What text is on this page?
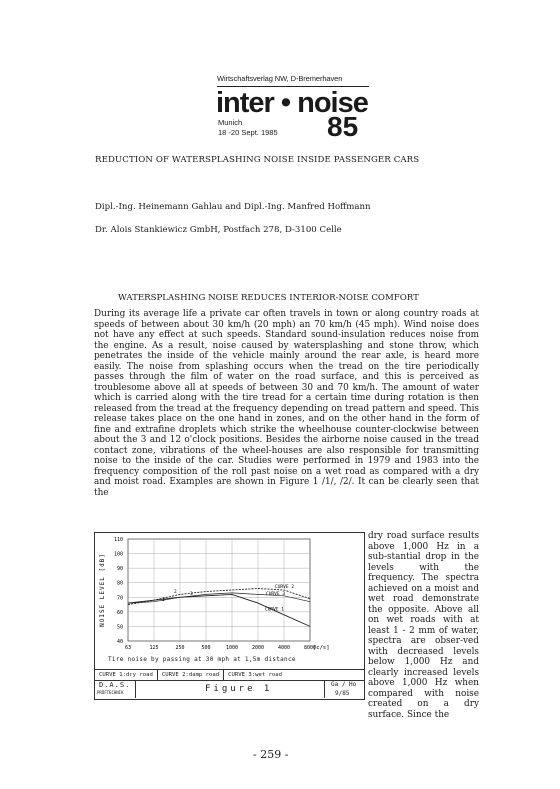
Wirtschaftsverlag NW, D-Bremerhaven
inter • noise
Munich
18 -20 Sept. 1985 85
REDUCTION OF WATERSPLASHING NOISE INSIDE PASSENGER CARS
Dipl.-Ing. Heinemann Gahlau and Dipl.-Ing. Manfred Hoffmann
Dr. Alois Stankiewicz GmbH, Postfach 278, D-3100 Celle
WATERSPLASHING NOISE REDUCES INTERIOR-NOISE COMFORT

During its average life a private car often travels in town or along country roads at speeds of between about 30 km/h (20 mph) an 70 km/h (45 mph). Wind noise does not have any effect at such speeds. Standard sound-insulation reduces noise from the engine. As a result, noise caused by watersplashing and stone throw, which penetrates the inside of the vehicle mainly around the rear axle, is heard more easily. The noise from splashing occurs when the tread on the tire periodically passes through the film of water on the road surface, and this is perceived as troublesome above all at speeds of between 30 and 70 km/h. The amount of water which is carried along with the tire tread for a certain time during rotation is then released from the tread at the frequency depending on tread pattern and speed. This release takes place on the one hand in zones, and on the other hand in the form of fine and extrafine droplets which strike the wheelhouse counter-clockwise between about the 3 and 12 o'clock positions. Besides the airborne noise caused in the tread contact zone, vibrations of the wheel-houses are also responsible for transmitting noise to the inside of the car. Studies were performed in 1979 and 1983 into the frequency composition of the roll past noise on a wet road as compared with a dry and moist road. Examples are shown in Figure 1 /1/, /2/. It can be clearly seen that the

dry road surface results above 1,000 Hz in a sub-stantial drop in the levels with the frequency. The spectra achieved on a moist and wet road demonstrate the opposite. Above all on wet roads with at least 1 - 2 mm of water, spectra are obser-ved with decreased levels below 1,000 Hz and clearly increased levels above 1,000 Hz when compared with noise created on a dry surface. Since the

40
50
60
70
80
90
100
110
63	125	250	500	1000	2000	4000	8000
[c/s]
NOISE LEVEL [dB]	CURVE 2
CURVE 3
CURVE 1
1
2	3
Tire noise by passing at 30 mph at 1,5m distance
CURVE 1:dry road	CURVE 2:damp road	CURVE 3:wet road
D.A.S.
PRÜFTECHNIK	Figure 1	Ga / Ho
9/85
- 259 -
